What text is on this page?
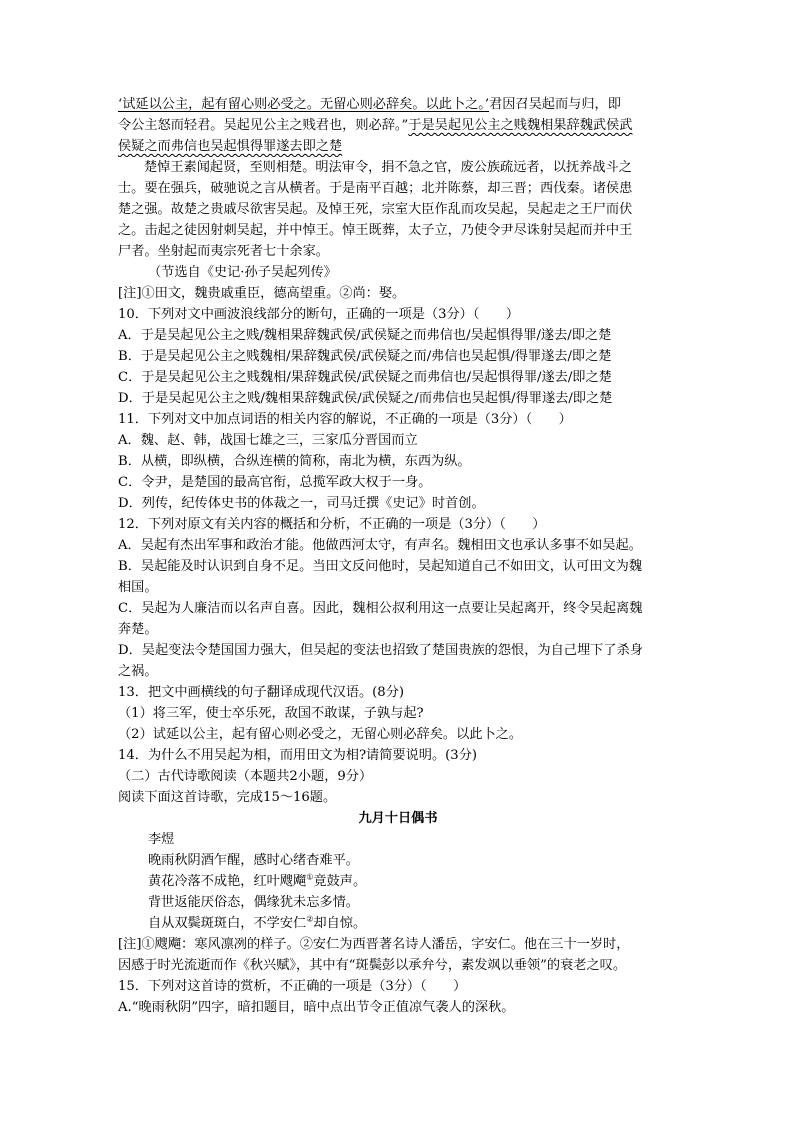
‘试延以公主，起有留心则必受之。无留心则必辞矣。以此卜之。’君因召吴起而与归，即
令公主怒而轻君。吴起见公主之贱君也，则必辞。”于是吴起见公主之贱魏相果辞魏武侯武
侯疑之而弗信也吴起惧得罪遂去即之楚
楚悼王素闻起贤，至则相楚。明法审令，捐不急之官，废公族疏远者，以抚养战斗之
士。要在强兵，破驰说之言从横者。于是南平百越；北并陈蔡，却三晋；西伐秦。诸侯患
楚之强。故楚之贵戚尽欲害吴起。及悼王死，宗室大臣作乱而攻吴起，吴起走之王尸而伏
之。击起之徒因射刺吴起，并中悼王。悼王既葬，太子立，乃使令尹尽诛射吴起而并中王
尸者。坐射起而夷宗死者七十余家。
（节选自《史记·孙子吴起列传》
[注]①田文，魏贵戚重臣，德高望重。②尚：娶。
10．下列对文中画波浪线部分的断句，正确的一项是（3分）（　　）
A．于是吴起见公主之贱/魏相果辞魏武侯/武侯疑之而弗信也/吴起惧得罪/遂去/即之楚
B．于是吴起见公主之贱魏相/果辞魏武侯/武侯疑之而/弗信也吴起惧/得罪遂去/即之楚
C．于是吴起见公主之贱魏相/果辞魏武侯/武侯疑之而弗信也/吴起惧得罪/遂去/即之楚
D．于是吴起见公主之贱/魏相果辞魏武侯/武侯疑之/而弗信也吴起惧/得罪遂去/即之楚
11．下列对文中加点词语的相关内容的解说，不正确的一项是（3分）（　　）
A．魏、赵、韩，战国七雄之三，三家瓜分晋国而立
B．从横，即纵横，合纵连横的简称，南北为横，东西为纵。
C．令尹，是楚国的最高官衔，总揽军政大权于一身。
D．列传，纪传体史书的体裁之一，司马迁撰《史记》时首创。
12．下列对原文有关内容的概括和分析，不正确的一项是（3分）（　　）
A．吴起有杰出军事和政治才能。他做西河太守，有声名。魏相田文也承认多事不如吴起。
B．吴起能及时认识到自身不足。当田文反问他时，吴起知道自己不如田文，认可田文为魏
相国。
C．吴起为人廉洁而以名声自喜。因此，魏相公叔利用这一点要让吴起离开，终令吴起离魏
奔楚。
D．吴起变法令楚国国力强大，但吴起的变法也招致了楚国贵族的怨恨，为自己埋下了杀身
之祸。
13．把文中画横线的句子翻译成现代汉语。(8分)
（1）将三军，使士卒乐死，敌国不敢谋，子孰与起?
（2）试延以公主，起有留心则必受之，无留心则必辞矣。以此卜之。
14．为什么不用吴起为相，而用田文为相?请简要说明。(3分)
（二）古代诗歌阅读（本题共2小题，9分）
阅读下面这首诗歌，完成15～16题。
九月十日偶书
李煜
晚雨秋阴酒乍醒，感时心绪杳难平。
黄花冷落不成艳，红叶飕飗①竟鼓声。
背世返能厌俗态，偶缘犹未忘多情。
自从双鬓斑斑白，不学安仁②却自惊。
[注]①飕飗：寒风凛冽的样子。②安仁为西晋著名诗人潘岳，字安仁。他在三十一岁时，
因感于时光流逝而作《秋兴赋》，其中有“斑鬓彭以承弁兮，素发飒以垂领”的衰老之叹。
15．下列对这首诗的赏析，不正确的一项是（3分）（　　）
A.“晚雨秋阴”四字，暗扣题目，暗中点出节令正值凉气袭人的深秋。
